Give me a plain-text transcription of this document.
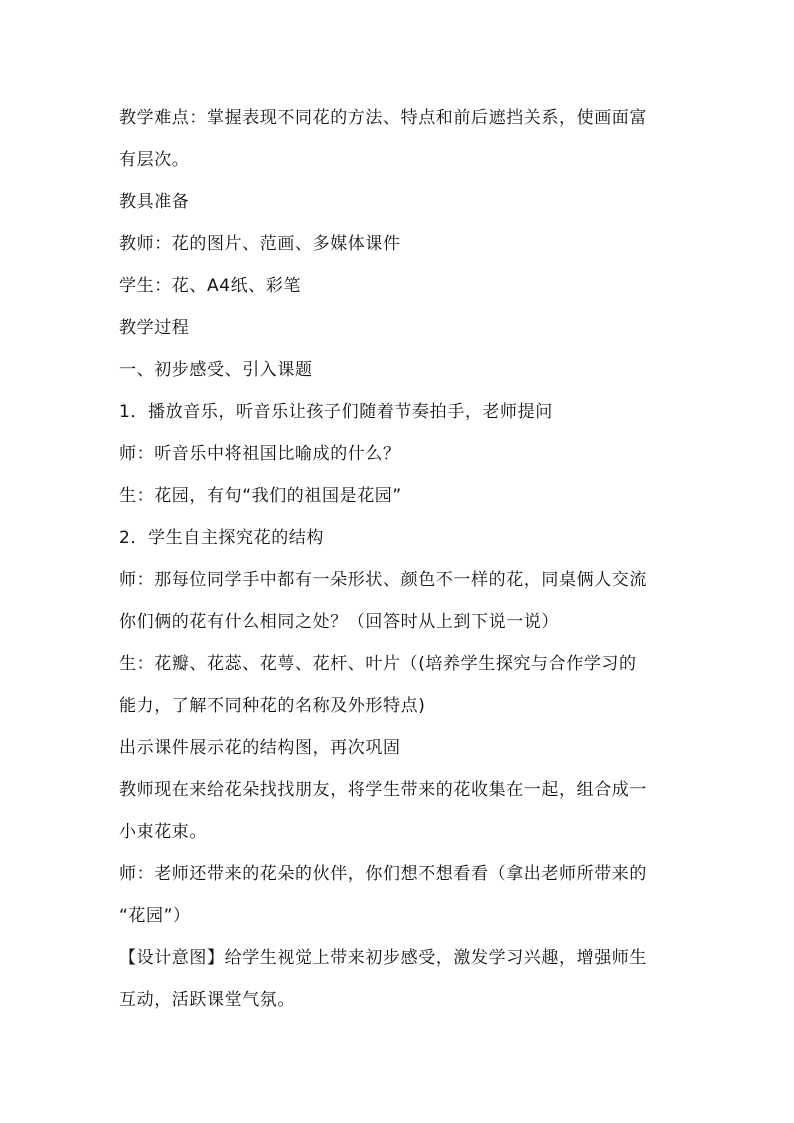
教学难点：掌握表现不同花的方法、特点和前后遮挡关系，使画面富
有层次。
教具准备
教师：花的图片、范画、多媒体课件
学生：花、A4纸、彩笔
教学过程
一、初步感受、引入课题
1．播放音乐，听音乐让孩子们随着节奏拍手，老师提问
师：听音乐中将祖国比喻成的什么？
生：花园，有句“我们的祖国是花园”
2．学生自主探究花的结构
师：那每位同学手中都有一朵形状、颜色不一样的花，同桌俩人交流
你们俩的花有什么相同之处？（回答时从上到下说一说）
生：花瓣、花蕊、花萼、花杆、叶片（(培养学生探究与合作学习的
能力，了解不同种花的名称及外形特点)
出示课件展示花的结构图，再次巩固
教师现在来给花朵找找朋友，将学生带来的花收集在一起，组合成一
小束花束。
师：老师还带来的花朵的伙伴，你们想不想看看（拿出老师所带来的
“花园”）
【设计意图】给学生视觉上带来初步感受，激发学习兴趣，增强师生
互动，活跃课堂气氛。
